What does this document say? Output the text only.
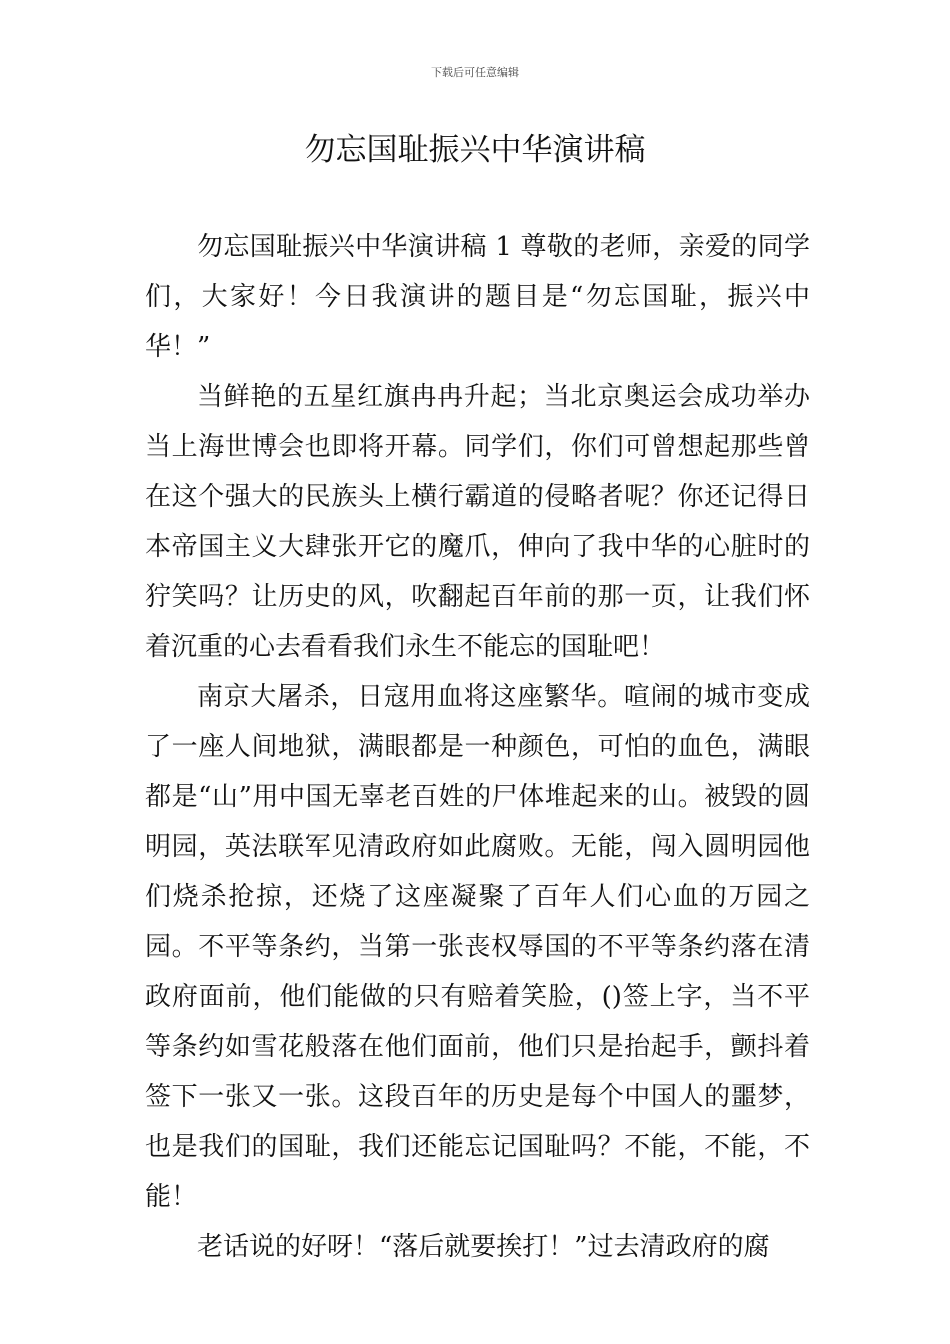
下载后可任意编辑
勿忘国耻振兴中华演讲稿

勿忘国耻振兴中华演讲稿 1 尊敬的老师，亲爱的同学们，大家好！今日我演讲的题目是“勿忘国耻，振兴中华！”

当鲜艳的五星红旗冉冉升起；当北京奥运会成功举办当上海世博会也即将开幕。同学们，你们可曾想起那些曾在这个强大的民族头上横行霸道的侵略者呢？你还记得日本帝国主义大肆张开它的魔爪，伸向了我中华的心脏时的狞笑吗？让历史的风，吹翻起百年前的那一页，让我们怀着沉重的心去看看我们永生不能忘的国耻吧！

南京大屠杀，日寇用血将这座繁华。喧闹的城市变成了一座人间地狱，满眼都是一种颜色，可怕的血色，满眼都是“山”用中国无辜老百姓的尸体堆起来的山。被毁的圆明园，英法联军见清政府如此腐败。无能，闯入圆明园他们烧杀抢掠，还烧了这座凝聚了百年人们心血的万园之园。不平等条约，当第一张丧权辱国的不平等条约落在清政府面前，他们能做的只有赔着笑脸，()签上字，当不平等条约如雪花般落在他们面前，他们只是抬起手，颤抖着签下一张又一张。这段百年的历史是每个中国人的噩梦，也是我们的国耻，我们还能忘记国耻吗？不能，不能，不能！

老话说的好呀！“落后就要挨打！”过去清政府的腐
